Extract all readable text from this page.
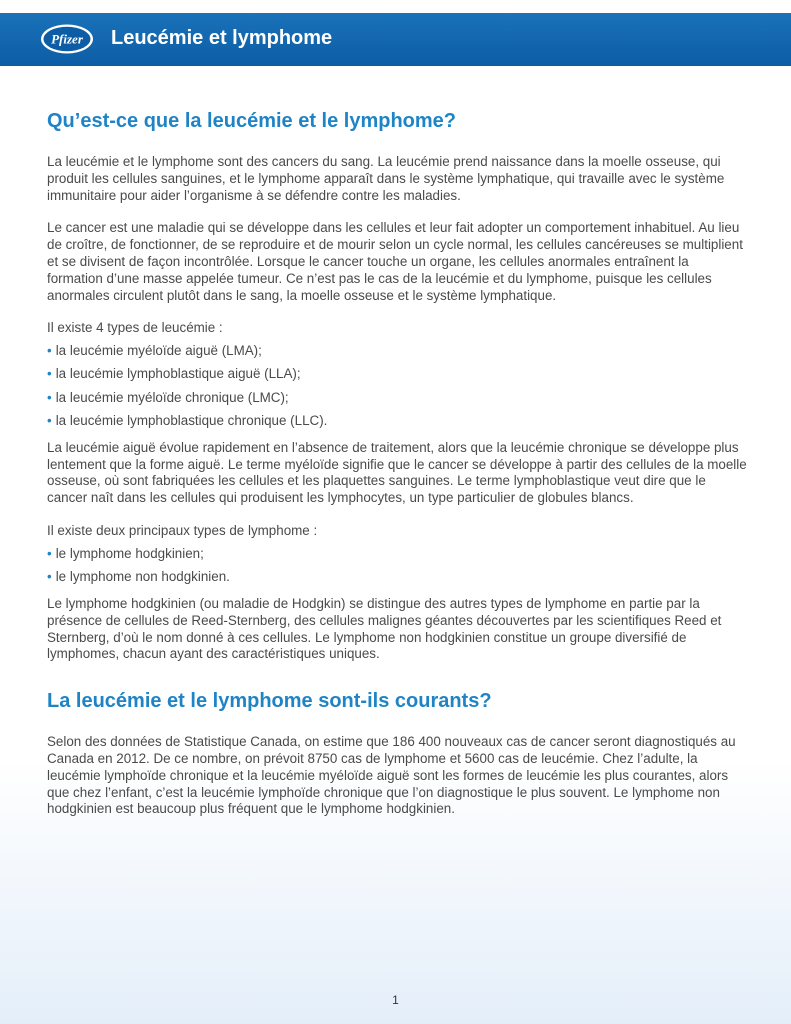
Pfizer Leucémie et lymphome
Qu’est-ce que la leucémie et le lymphome?

La leucémie et le lymphome sont des cancers du sang. La leucémie prend naissance dans la moelle osseuse, qui produit les cellules sanguines, et le lymphome apparaît dans le système lymphatique, qui travaille avec le système immunitaire pour aider l’organisme à se défendre contre les maladies.

Le cancer est une maladie qui se développe dans les cellules et leur fait adopter un comportement inhabituel. Au lieu de croître, de fonctionner, de se reproduire et de mourir selon un cycle normal, les cellules cancéreuses se multiplient et se divisent de façon incontrôlée. Lorsque le cancer touche un organe, les cellules anormales entraînent la formation d’une masse appelée tumeur. Ce n’est pas le cas de la leucémie et du lymphome, puisque les cellules anormales circulent plutôt dans le sang, la moelle osseuse et le système lymphatique.

Il existe 4 types de leucémie :

• la leucémie myéloïde aiguë (LMA);
• la leucémie lymphoblastique aiguë (LLA);
• la leucémie myéloïde chronique (LMC);
• la leucémie lymphoblastique chronique (LLC).

La leucémie aiguë évolue rapidement en l’absence de traitement, alors que la leucémie chronique se développe plus lentement que la forme aiguë. Le terme myéloïde signifie que le cancer se développe à partir des cellules de la moelle osseuse, où sont fabriquées les cellules et les plaquettes sanguines. Le terme lymphoblastique veut dire que le cancer naît dans les cellules qui produisent les lymphocytes, un type particulier de globules blancs.

Il existe deux principaux types de lymphome :

• le lymphome hodgkinien;
• le lymphome non hodgkinien.

Le lymphome hodgkinien (ou maladie de Hodgkin) se distingue des autres types de lymphome en partie par la présence de cellules de Reed-Sternberg, des cellules malignes géantes découvertes par les scientifiques Reed et Sternberg, d’où le nom donné à ces cellules. Le lymphome non hodgkinien constitue un groupe diversifié de lymphomes, chacun ayant des caractéristiques uniques.

La leucémie et le lymphome sont-ils courants?

Selon des données de Statistique Canada, on estime que 186 400 nouveaux cas de cancer seront diagnostiqués au Canada en 2012. De ce nombre, on prévoit 8750 cas de lymphome et 5600 cas de leucémie. Chez l’adulte, la leucémie lymphoïde chronique et la leucémie myéloïde aiguë sont les formes de leucémie les plus courantes, alors que chez l’enfant, c’est la leucémie lymphoïde chronique que l’on diagnostique le plus souvent. Le lymphome non hodgkinien est beaucoup plus fréquent que le lymphome hodgkinien.

1
